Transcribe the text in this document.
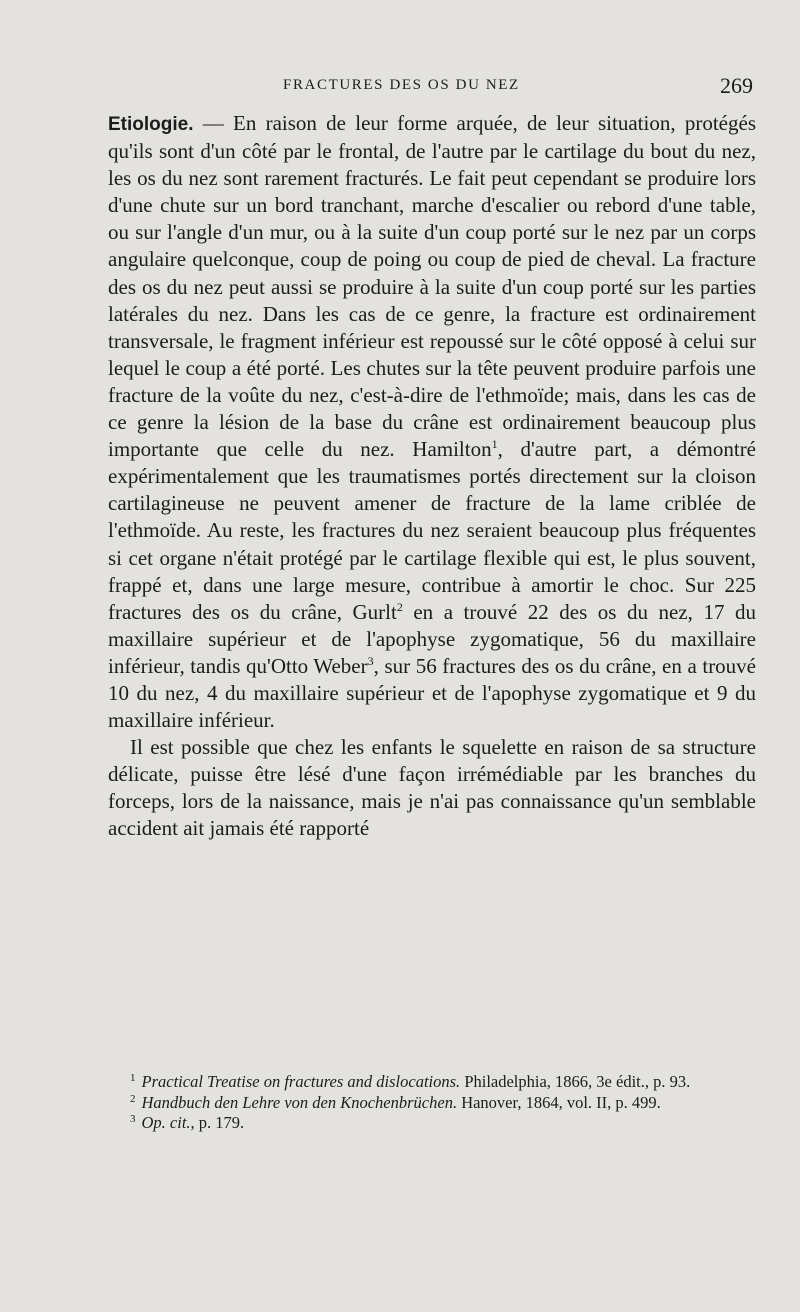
FRACTURES DES OS DU NEZ	269

Etiologie. — En raison de leur forme arquée, de leur situation, protégés qu'ils sont d'un côté par le frontal, de l'autre par le cartilage du bout du nez, les os du nez sont rarement fracturés. Le fait peut cependant se produire lors d'une chute sur un bord tranchant, marche d'escalier ou rebord d'une table, ou sur l'angle d'un mur, ou à la suite d'un coup porté sur le nez par un corps angulaire quelconque, coup de poing ou coup de pied de cheval. La fracture des os du nez peut aussi se produire à la suite d'un coup porté sur les parties latérales du nez. Dans les cas de ce genre, la fracture est ordinairement transversale, le fragment inférieur est repoussé sur le côté opposé à celui sur lequel le coup a été porté. Les chutes sur la tête peuvent produire parfois une fracture de la voûte du nez, c'est-à-dire de l'ethmoïde; mais, dans les cas de ce genre la lésion de la base du crâne est ordinairement beaucoup plus importante que celle du nez. Hamilton$^1$, d'autre part, a démontré expérimentalement que les traumatismes portés directement sur la cloison cartilagineuse ne peuvent amener de fracture de la lame criblée de l'ethmoïde. Au reste, les fractures du nez seraient beaucoup plus fréquentes si cet organe n'était protégé par le cartilage flexible qui est, le plus souvent, frappé et, dans une large mesure, contribue à amortir le choc. Sur 225 fractures des os du crâne, Gurlt$^2$ en a trouvé 22 des os du nez, 17 du maxillaire supérieur et de l'apophyse zygomatique, 56 du maxillaire inférieur, tandis qu'Otto Weber$^3$, sur 56 fractures des os du crâne, en a trouvé 10 du nez, 4 du maxillaire supérieur et de l'apophyse zygomatique et 9 du maxillaire inférieur.

Il est possible que chez les enfants le squelette en raison de sa structure délicate, puisse être lésé d'une façon irrémédiable par les branches du forceps, lors de la naissance, mais je n'ai pas connaissance qu'un semblable accident ait jamais été rapporté

$^1$ Practical Treatise on fractures and dislocations. Philadelphia, 1866, 3e édit., p. 93.

$^2$ Handbuch den Lehre von den Knochenbrüchen. Hanover, 1864, vol. II, p. 499.

$^3$ Op. cit., p. 179.
